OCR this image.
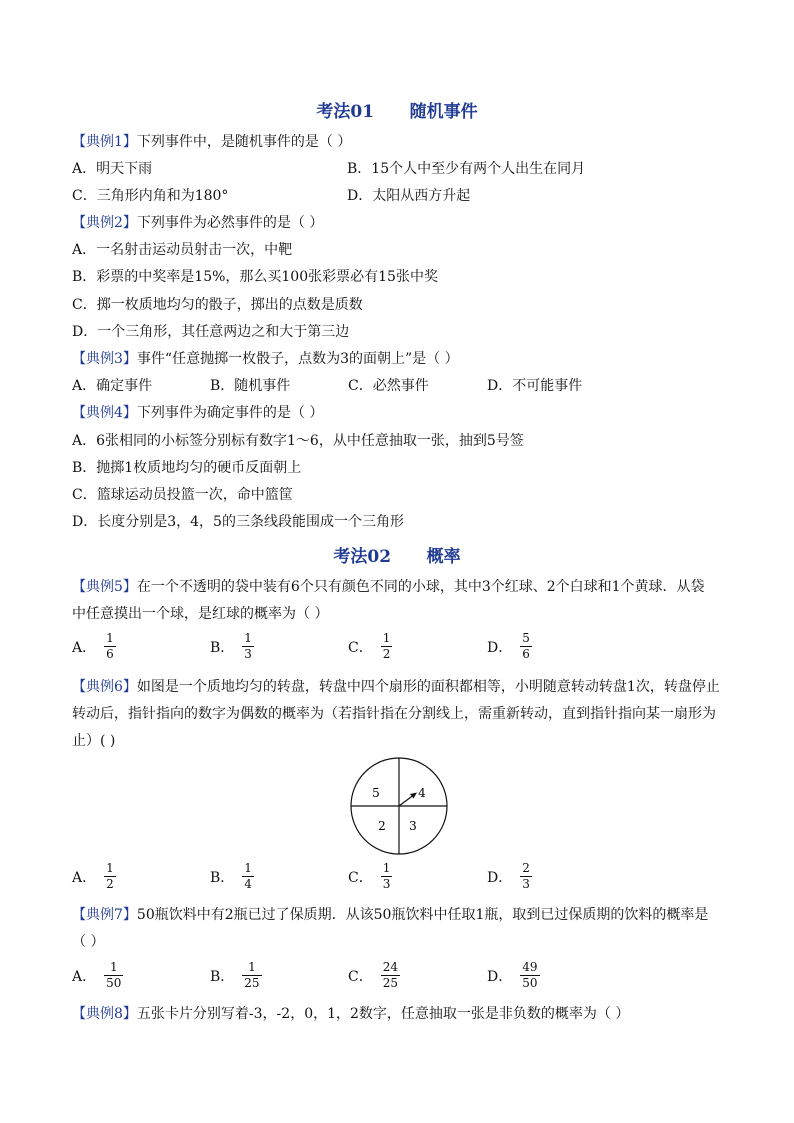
考法01      随机事件
【典例1】下列事件中，是随机事件的是（ ）
A．明天下雨	B．15个人中至少有两个人出生在同月
C．三角形内角和为180°	D．太阳从西方升起
【典例2】下列事件为必然事件的是（ ）
A．一名射击运动员射击一次，中靶
B．彩票的中奖率是15%，那么买100张彩票必有15张中奖
C．掷一枚质地均匀的骰子，掷出的点数是质数
D．一个三角形，其任意两边之和大于第三边
【典例3】事件“任意抛掷一枚骰子，点数为3的面朝上”是（ ）
A．确定事件	B．随机事件	C．必然事件	D．不可能事件
【典例4】下列事件为确定事件的是（ ）
A．6张相同的小标签分别标有数字1～6，从中任意抽取一张，抽到5号签
B．抛掷1枚质地均匀的硬币反面朝上
C．篮球运动员投篮一次，命中篮筐
D．长度分别是3，4，5的三条线段能围成一个三角形
考法02      概率
【典例5】在一个不透明的袋中装有6个只有颜色不同的小球，其中3个红球、2个白球和1个黄球．从袋
中任意摸出一个球，是红球的概率为（ ）
A． $\frac{1}{6}$	B． $\frac{1}{3}$	C． $\frac{1}{2}$	D． $\frac{5}{6}$
【典例6】如图是一个质地均匀的转盘，转盘中四个扇形的面积都相等，小明随意转动转盘1次，转盘停止
转动后，指针指向的数字为偶数的概率为（若指针指在分割线上，需重新转动，直到指针指向某一扇形为
止）( )
5	4
2 3
A． $\frac{1}{2}$	B． $\frac{1}{4}$	C． $\frac{1}{3}$	D． $\frac{2}{3}$
【典例7】50瓶饮料中有2瓶已过了保质期．从该50瓶饮料中任取1瓶，取到已过保质期的饮料的概率是
（ ）
A． $\frac{1}{50}$	B． $\frac{1}{25}$	C． $\frac{24}{25}$	D． $\frac{49}{50}$
【典例8】五张卡片分别写着-3，-2，0，1，2数字，任意抽取一张是非负数的概率为（ ）
